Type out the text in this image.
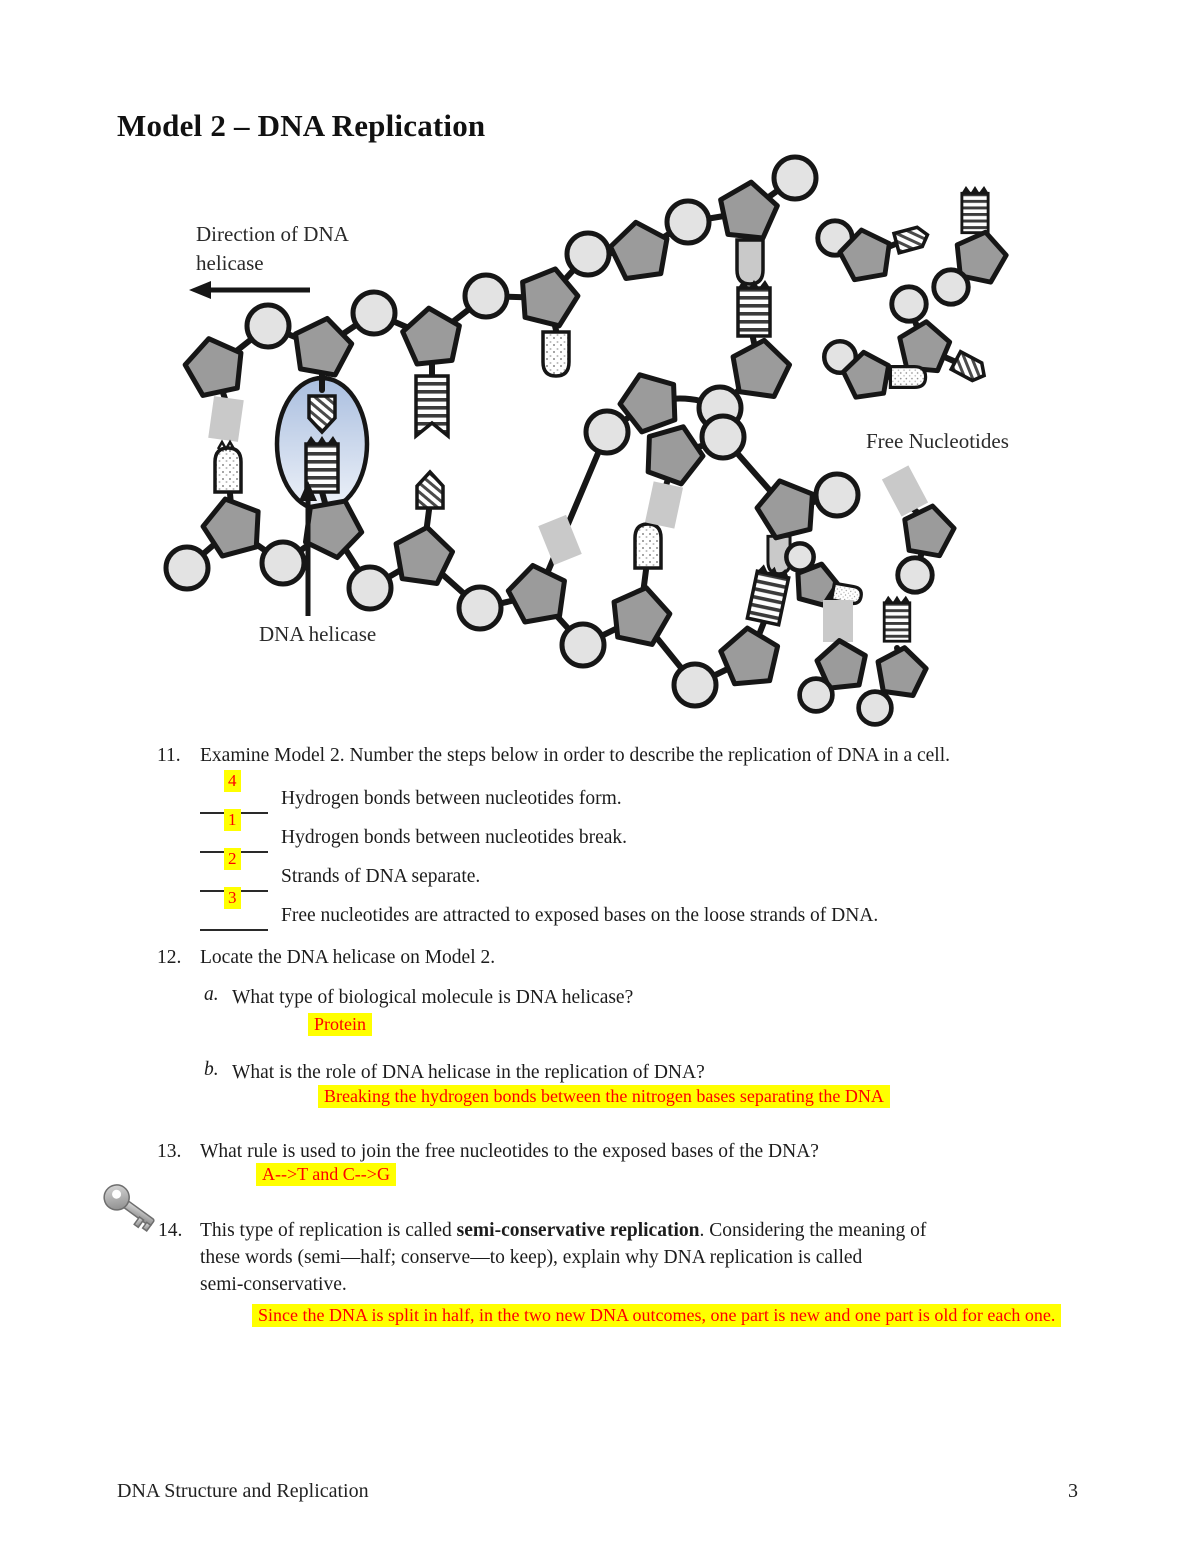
Model 2 – DNA Replication
Direction of DNA
helicase
DNA helicase
Free Nucleotides
11. Examine Model 2. Number the steps below in order to describe the replication of DNA in a cell.
4
Hydrogen bonds between nucleotides form.
1
Hydrogen bonds between nucleotides break.
2
Strands of DNA separate.
3
Free nucleotides are attracted to exposed bases on the loose strands of DNA.
12. Locate the DNA helicase on Model 2.
a. What type of biological molecule is DNA helicase?
Protein
b. What is the role of DNA helicase in the replication of DNA?
Breaking the hydrogen bonds between the nitrogen bases separating the DNA
13. What rule is used to join the free nucleotides to the exposed bases of the DNA?
A-->T and C-->G
14. This type of replication is called semi-conservative replication. Considering the meaning of
these words (semi—half; conserve—to keep), explain why DNA replication is called
semi-conservative.
Since the DNA is split in half, in the two new DNA outcomes, one part is new and one part is old for each one.
DNA Structure and Replication	3
